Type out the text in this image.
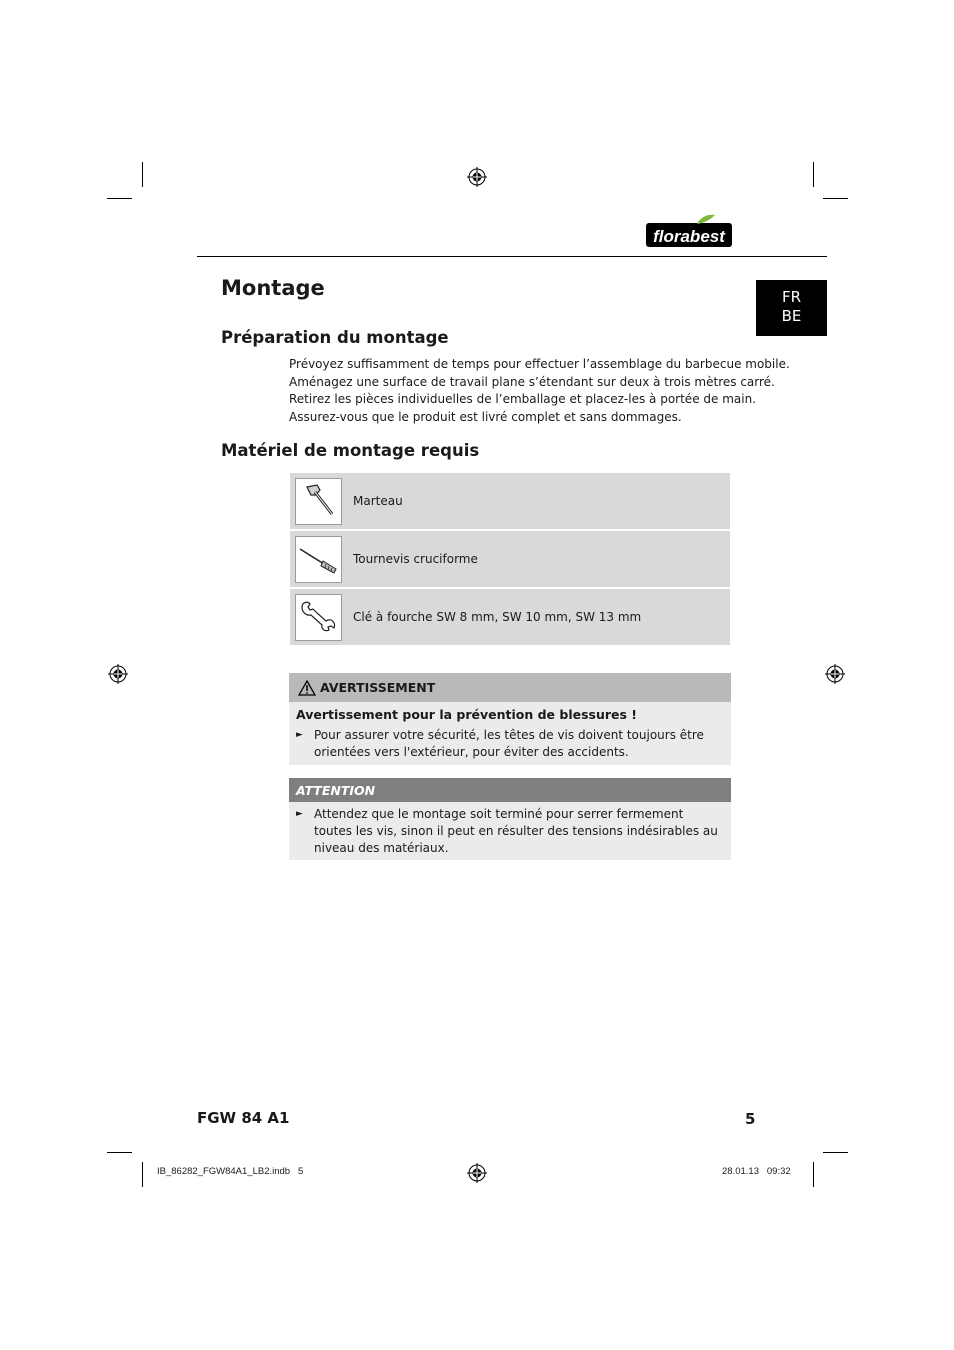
florabest
FR
BE
Montage
Préparation du montage

Prévoyez suffisamment de temps pour effectuer l’assemblage du barbecue mobile.

Aménagez une surface de travail plane s’étendant sur deux à trois mètres carré.

Retirez les pièces individuelles de l’emballage et placez-les à portée de main.

Assurez-vous que le produit est livré complet et sans dommages.

Matériel de montage requis
Marteau
Tournevis cruciforme
Clé à fourche SW 8 mm, SW 10 mm, SW 13 mm
AVERTISSEMENT

Avertissement pour la prévention de blessures !

► Pour assurer votre sécurité, les têtes de vis doivent toujours être orientées vers l'extérieur, pour éviter des accidents.
ATTENTION
► Attendez que le montage soit terminé pour serrer fermement toutes les vis, sinon il peut en résulter des tensions indésirables au niveau des matériaux.
FGW 84 A1	5
IB_86282_FGW84A1_LB2.indb   5	28.01.13   09:32
